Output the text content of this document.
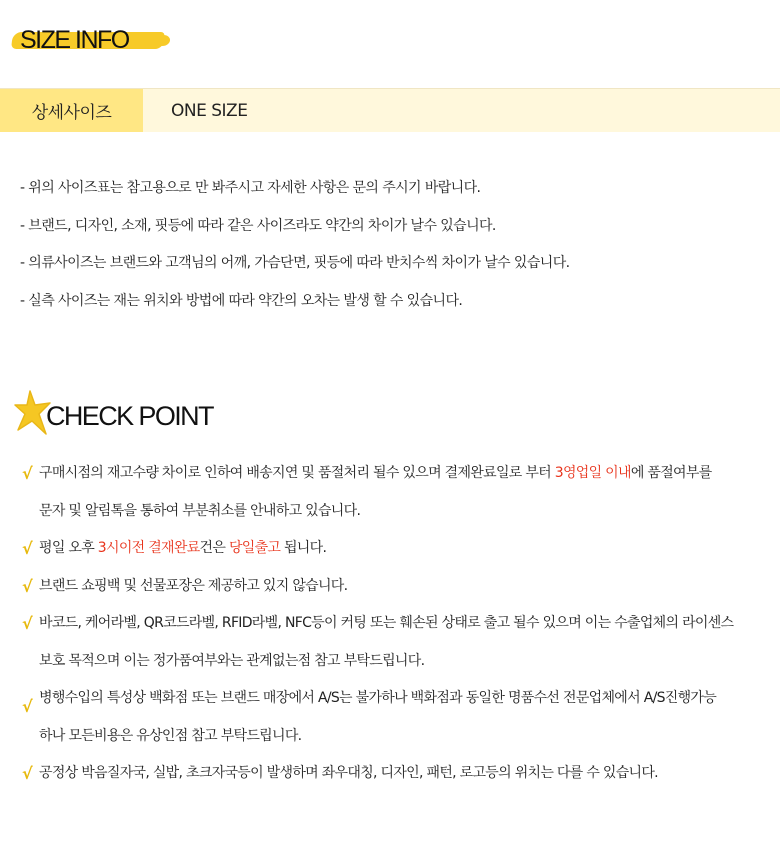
SIZE INFO
상세사이즈	ONE SIZE

- 위의 사이즈표는 참고용으로 만 봐주시고 자세한 사항은 문의 주시기 바랍니다.

- 브랜드, 디자인, 소재, 핏등에 따라 같은 사이즈라도 약간의 차이가 날수 있습니다.

- 의류사이즈는 브랜드와 고객님의 어깨, 가슴단면, 핏등에 따라 반치수씩 차이가 날수 있습니다.

- 실측 사이즈는 재는 위치와 방법에 따라 약간의 오차는 발생 할 수 있습니다.

CHECK POINT
√ 구매시점의 재고수량 차이로 인하여 배송지연 및 품절처리 될수 있으며 결제완료일로 부터 3영업일 이내에 품절여부를

문자 및 알림톡을 통하여 부분취소를 안내하고 있습니다.

√ 평일 오후 3시이전 결재완료건은 당일출고 됩니다.

√ 브랜드 쇼핑백 및 선물포장은 제공하고 있지 않습니다.

√ 바코드, 케어라벨, QR코드라벨, RFID라벨, NFC등이 커팅 또는 훼손된 상태로 출고 될수 있으며 이는 수출업체의 라이센스

보호 목적으며 이는 정가품여부와는 관계없는점 참고 부탁드립니다.

√ 병행수입의 특성상 백화점 또는 브랜드 매장에서 A/S는 불가하나 백화점과 동일한 명품수선 전문업체에서 A/S진행가능

하나 모든비용은 유상인점 참고 부탁드립니다.

√ 공정상 박음질자국, 실밥, 초크자국등이 발생하며 좌우대칭, 디자인, 패턴, 로고등의 위치는 다를 수 있습니다.
